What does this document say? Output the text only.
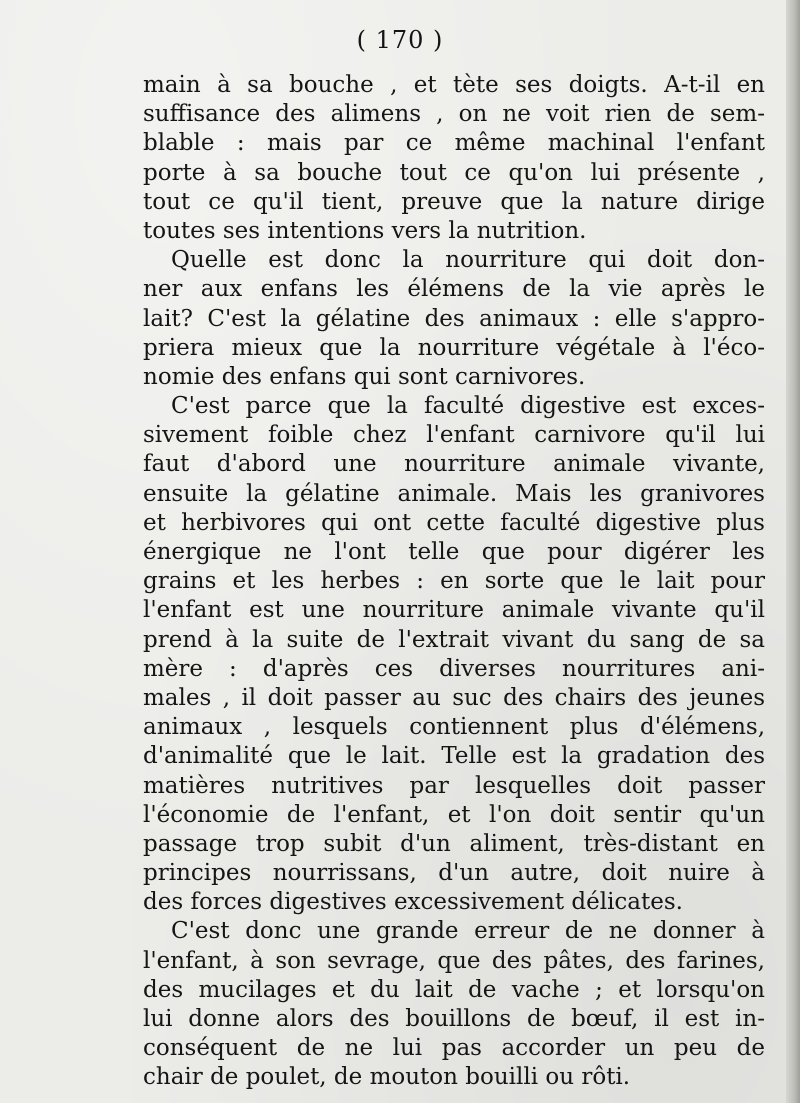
( 170 )
main à sa bouche , et tète ses doigts. A-t-il en
suffisance des alimens , on ne voit rien de sem-
blable : mais par ce même machinal l'enfant
porte à sa bouche tout ce qu'on lui présente ,
tout ce qu'il tient, preuve que la nature dirige
toutes ses intentions vers la nutrition.
Quelle est donc la nourriture qui doit don-
ner aux enfans les élémens de la vie après le
lait? C'est la gélatine des animaux : elle s'appro-
priera mieux que la nourriture végétale à l'éco-
nomie des enfans qui sont carnivores.
C'est parce que la faculté digestive est exces-
sivement foible chez l'enfant carnivore qu'il lui
faut d'abord une nourriture animale vivante,
ensuite la gélatine animale. Mais les granivores
et herbivores qui ont cette faculté digestive plus
énergique ne l'ont telle que pour digérer les
grains et les herbes : en sorte que le lait pour
l'enfant est une nourriture animale vivante qu'il
prend à la suite de l'extrait vivant du sang de sa
mère : d'après ces diverses nourritures ani-
males , il doit passer au suc des chairs des jeunes
animaux , lesquels contiennent plus d'élémens,
d'animalité que le lait. Telle est la gradation des
matières nutritives par lesquelles doit passer
l'économie de l'enfant, et l'on doit sentir qu'un
passage trop subit d'un aliment, très-distant en
principes nourrissans, d'un autre, doit nuire à
des forces digestives excessivement délicates.
C'est donc une grande erreur de ne donner à
l'enfant, à son sevrage, que des pâtes, des farines,
des mucilages et du lait de vache ; et lorsqu'on
lui donne alors des bouillons de bœuf, il est in-
conséquent de ne lui pas accorder un peu de
chair de poulet, de mouton bouilli ou rôti.
